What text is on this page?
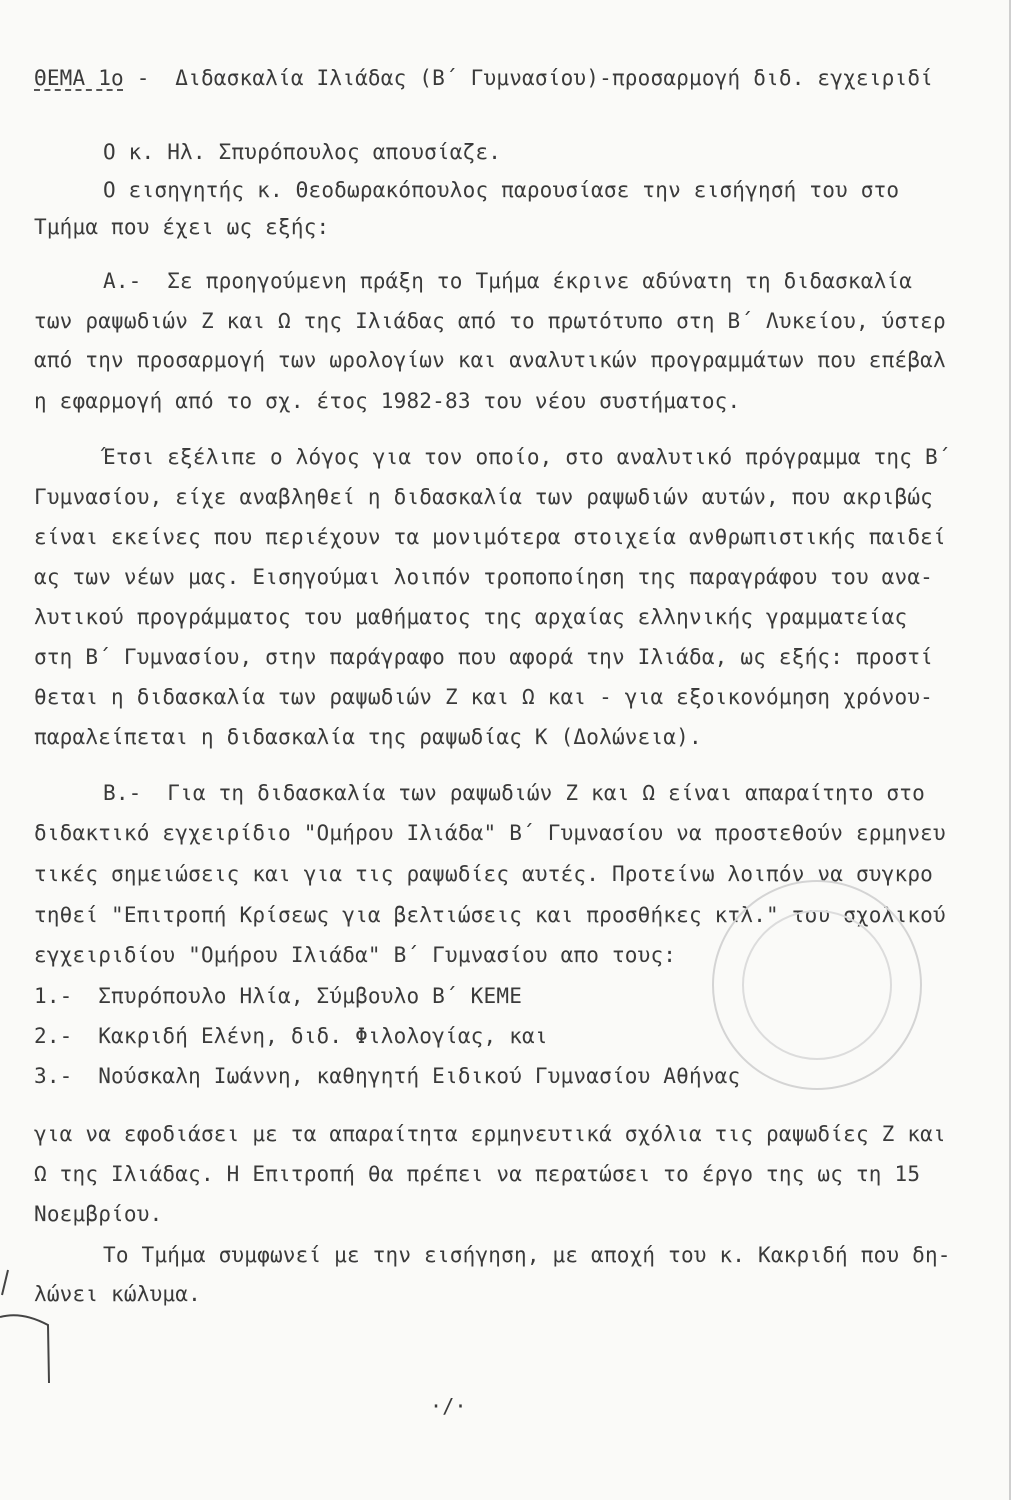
ΘΕΜΑ 1ο -  Διδασκαλία Ιλιάδας (Β΄ Γυμνασίου)-προσαρμογή διδ. εγχειριδί
Ο κ. Ηλ. Σπυρόπουλος απουσίαζε.
Ο εισηγητής κ. Θεοδωρακόπουλος παρουσίασε την εισήγησή του στο
Τμήμα που έχει ως εξής:
Α.-  Σε προηγούμενη πράξη το Τμήμα έκρινε αδύνατη τη διδασκαλία
των ραψωδιών Ζ και Ω της Ιλιάδας από το πρωτότυπο στη Β΄ Λυκείου, ύστερ
από την προσαρμογή των ωρολογίων και αναλυτικών προγραμμάτων που επέβαλ
η εφαρμογή από το σχ. έτος 1982-83 του νέου συστήματος.
Έτσι εξέλιπε ο λόγος για τον οποίο, στο αναλυτικό πρόγραμμα της Β΄
Γυμνασίου, είχε αναβληθεί η διδασκαλία των ραψωδιών αυτών, που ακριβώς
είναι εκείνες που περιέχουν τα μονιμότερα στοιχεία ανθρωπιστικής παιδεί
ας των νέων μας. Εισηγούμαι λοιπόν τροποποίηση της παραγράφου του ανα-
λυτικού προγράμματος του μαθήματος της αρχαίας ελληνικής γραμματείας
στη Β΄ Γυμνασίου, στην παράγραφο που αφορά την Ιλιάδα, ως εξής: προστί
θεται η διδασκαλία των ραψωδιών Ζ και Ω και - για εξοικονόμηση χρόνου-
παραλείπεται η διδασκαλία της ραψωδίας Κ (Δολώνεια).
Β.-  Για τη διδασκαλία των ραψωδιών Ζ και Ω είναι απαραίτητο στο
διδακτικό εγχειρίδιο "Ομήρου Ιλιάδα" Β΄ Γυμνασίου να προστεθούν ερμηνευ
τικές σημειώσεις και για τις ραψωδίες αυτές. Προτείνω λοιπόν να συγκρο
τηθεί "Επιτροπή Κρίσεως για βελτιώσεις και προσθήκες κτλ." του σχολικού
εγχειριδίου "Ομήρου Ιλιάδα" Β΄ Γυμνασίου απο τους:
1.-  Σπυρόπουλο Ηλία, Σύμβουλο Β΄ ΚΕΜΕ
2.-  Κακριδή Ελένη, διδ. Φιλολογίας, και
3.-  Νούσκαλη Ιωάννη, καθηγητή Ειδικού Γυμνασίου Αθήνας
για να εφοδιάσει με τα απαραίτητα ερμηνευτικά σχόλια τις ραψωδίες Ζ και
Ω της Ιλιάδας. Η Επιτροπή θα πρέπει να περατώσει το έργο της ως τη 15
Νοεμβρίου.
Το Τμήμα συμφωνεί με την εισήγηση, με αποχή του κ. Κακριδή που δη-
λώνει κώλυμα.
·/·
